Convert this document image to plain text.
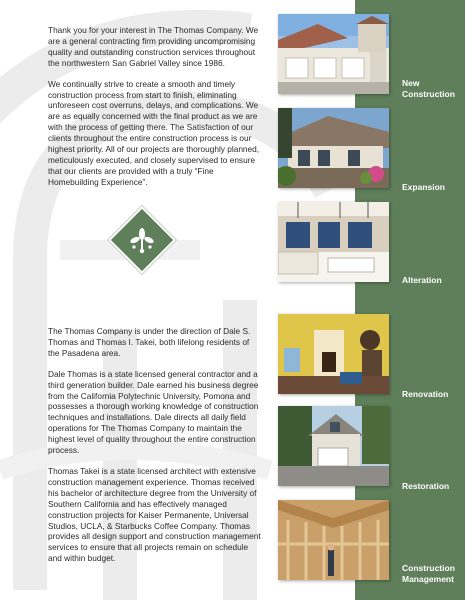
Thank you for your interest in The Thomas Company. We are a general contracting firm providing uncompromising quality and outstanding construction services throughout the northwestern San Gabriel Valley since 1986.

We continually strive to create a smooth and timely construction process from start to finish, eliminating unforeseen cost overruns, delays, and complications. We are as equally concerned with the final product as we are with the process of getting there. The Satisfaction of our clients throughout the entire construction process is our highest priority. All of our projects are thoroughly planned, meticulously executed, and closely supervised to ensure that our clients are provided with a truly “Fine Homebuilding Experience”.

The Thomas Company is under the direction of Dale S. Thomas and Thomas I. Takei, both lifelong residents of the Pasadena area.

Dale Thomas is a state licensed general contractor and a third generation builder. Dale earned his business degree from the California Polytechnic University, Pomona and possesses a thorough working knowledge of construction techniques and installations. Dale directs all daily field operations for The Thomas Company to maintain the highest level of quality throughout the entire construction process.

Thomas Takei is a state licensed architect with extensive construction management experience. Thomas received his bachelor of architecture degree from the University of Southern California and has effectively managed construction projects for Kaiser Permanente, Universal Studios, UCLA, & Starbucks Coffee Company. Thomas provides all design support and construction management services to ensure that all projects remain on schedule and within budget.

New
Construction
Expansion
Alteration
Renovation
Restoration
Construction
Management
